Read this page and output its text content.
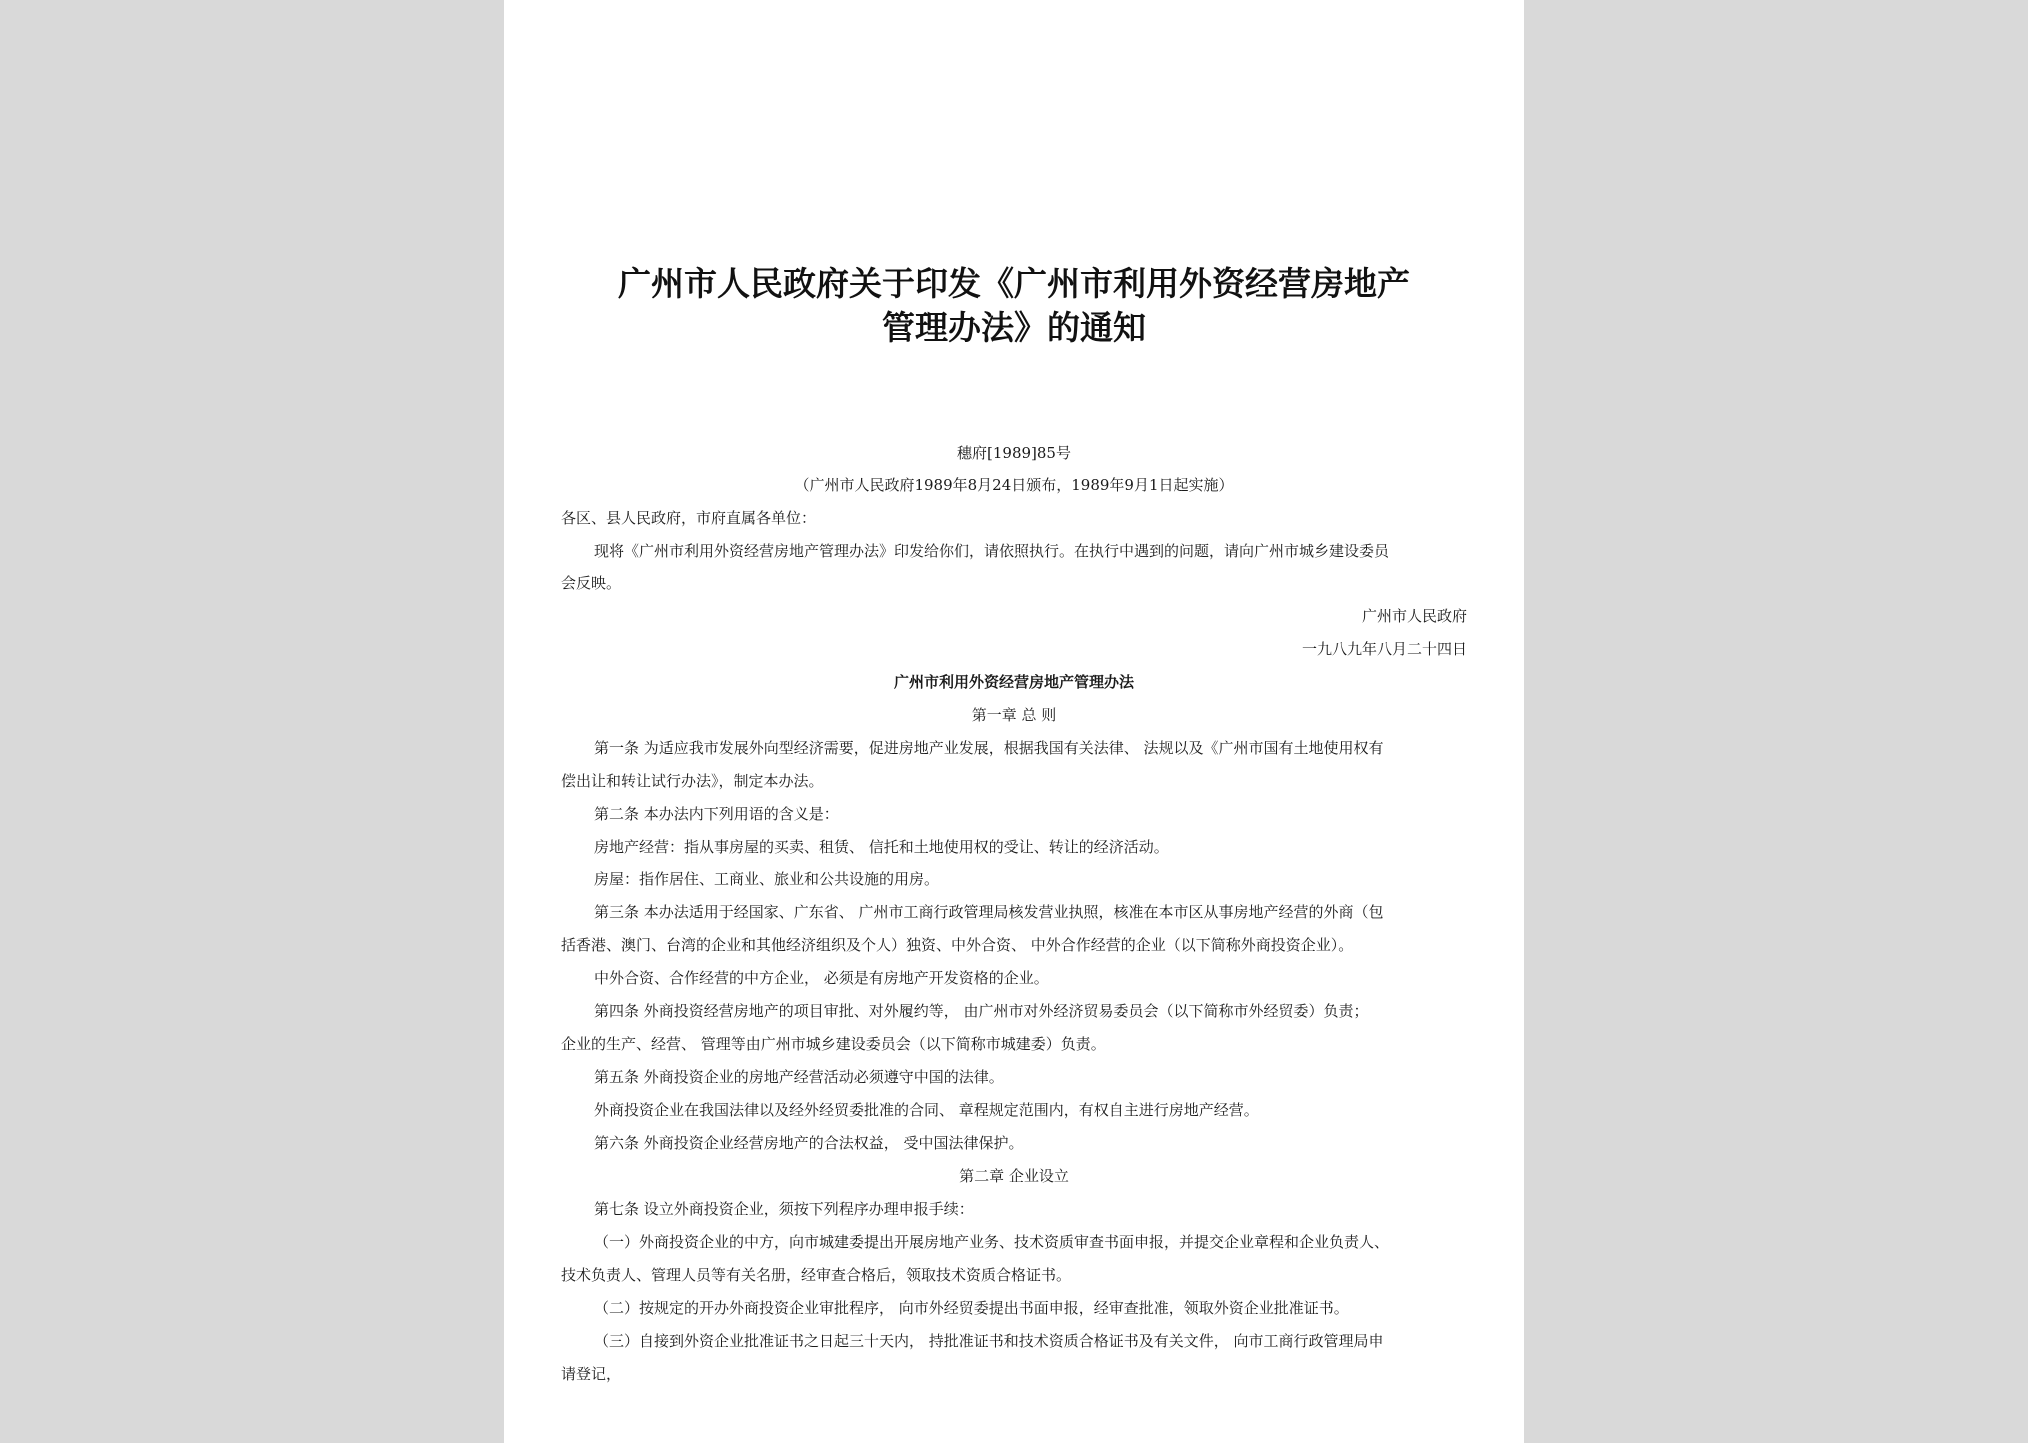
广州市人民政府关于印发《广州市利用外资经营房地产
管理办法》的通知
穗府[1989]85号
（广州市人民政府1989年8月24日颁布，1989年9月1日起实施）
各区、县人民政府，市府直属各单位：
现将《广州市利用外资经营房地产管理办法》印发给你们，请依照执行。在执行中遇到的问题，请向广州市城乡建设委员
会反映。
广州市人民政府
一九八九年八月二十四日
广州市利用外资经营房地产管理办法
第一章 总 则
第一条 为适应我市发展外向型经济需要，促进房地产业发展，根据我国有关法律、 法规以及《广州市国有土地使用权有
偿出让和转让试行办法》，制定本办法。
第二条 本办法内下列用语的含义是：
房地产经营：指从事房屋的买卖、租赁、 信托和土地使用权的受让、转让的经济活动。
房屋：指作居住、工商业、旅业和公共设施的用房。
第三条 本办法适用于经国家、广东省、 广州市工商行政管理局核发营业执照，核准在本市区从事房地产经营的外商（包
括香港、澳门、台湾的企业和其他经济组织及个人）独资、中外合资、 中外合作经营的企业（以下简称外商投资企业）。
中外合资、合作经营的中方企业， 必须是有房地产开发资格的企业。
第四条 外商投资经营房地产的项目审批、对外履约等， 由广州市对外经济贸易委员会（以下简称市外经贸委）负责；
企业的生产、经营、 管理等由广州市城乡建设委员会（以下简称市城建委）负责。
第五条 外商投资企业的房地产经营活动必须遵守中国的法律。
外商投资企业在我国法律以及经外经贸委批准的合同、 章程规定范围内，有权自主进行房地产经营。
第六条 外商投资企业经营房地产的合法权益， 受中国法律保护。
第二章 企业设立
第七条 设立外商投资企业，须按下列程序办理申报手续：
（一）外商投资企业的中方，向市城建委提出开展房地产业务、技术资质审查书面申报，并提交企业章程和企业负责人、
技术负责人、管理人员等有关名册，经审查合格后，领取技术资质合格证书。
（二）按规定的开办外商投资企业审批程序， 向市外经贸委提出书面申报，经审查批准，领取外资企业批准证书。
（三）自接到外资企业批准证书之日起三十天内， 持批准证书和技术资质合格证书及有关文件， 向市工商行政管理局申
请登记，
